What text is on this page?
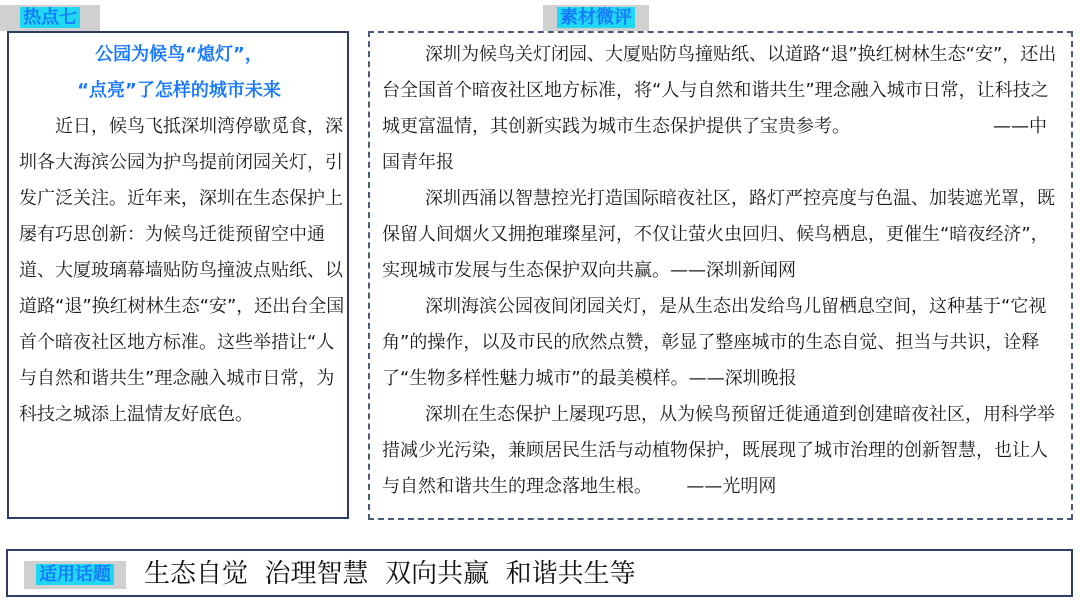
热点七	素材微评
公园为候鸟“熄灯”，
“点亮”了怎样的城市未来
近日，候鸟飞抵深圳湾停歇觅食，深圳各大海滨公园为护鸟提前闭园关灯，引发广泛关注。近年来，深圳在生态保护上屡有巧思创新：为候鸟迁徙预留空中通道、大厦玻璃幕墙贴防鸟撞波点贴纸、以道路“退”换红树林生态“安”，还出台全国首个暗夜社区地方标准。这些举措让“人与自然和谐共生”理念融入城市日常，为科技之城添上温情友好底色。

深圳为候鸟关灯闭园、大厦贴防鸟撞贴纸、以道路“退”换红树林生态“安”，还出台全国首个暗夜社区地方标准，将“人与自然和谐共生”理念融入城市日常，让科技之城更富温情，其创新实践为城市生态保护提供了宝贵参考。	——中国青年报

深圳西涌以智慧控光打造国际暗夜社区，路灯严控亮度与色温、加装遮光罩，既保留人间烟火又拥抱璀璨星河，不仅让萤火虫回归、候鸟栖息，更催生“暗夜经济”，实现城市发展与生态保护双向共赢。——深圳新闻网

深圳海滨公园夜间闭园关灯，是从生态出发给鸟儿留栖息空间，这种基于“它视角”的操作，以及市民的欣然点赞，彰显了整座城市的生态自觉、担当与共识，诠释了“生物多样性魅力城市”的最美模样。——深圳晚报

深圳在生态保护上屡现巧思，从为候鸟预留迁徙通道到创建暗夜社区，用科学举措减少光污染，兼顾居民生活与动植物保护，既展现了城市治理的创新智慧，也让人与自然和谐共生的理念落地生根。 ——光明网

适用话题	生态自觉 治理智慧 双向共赢 和谐共生等
